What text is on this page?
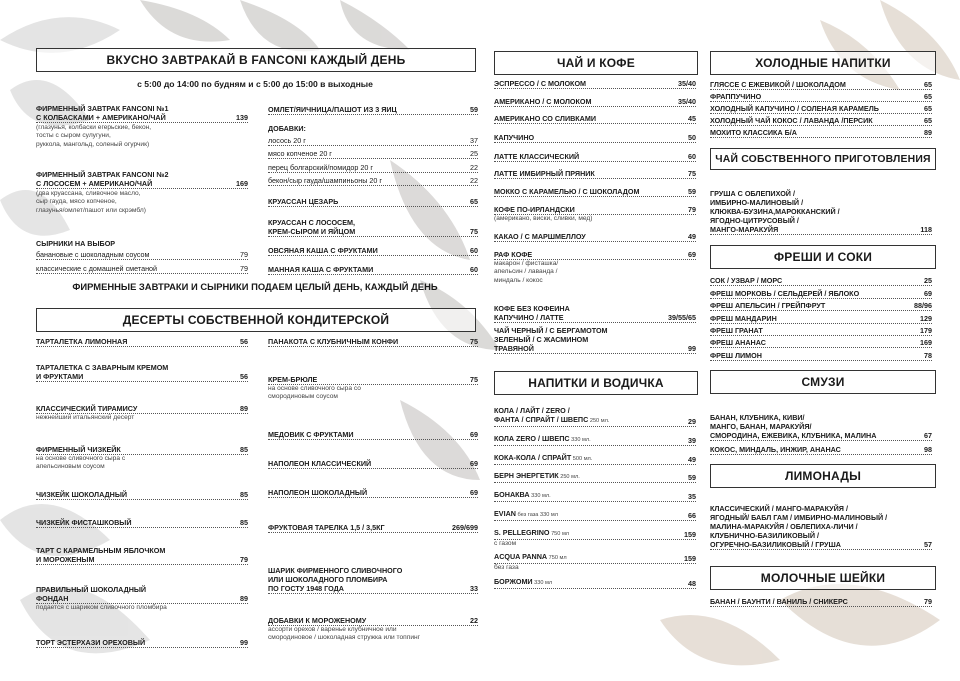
ВКУСНО ЗАВТРАКАЙ В FANCONI КАЖДЫЙ ДЕНЬ
с 5:00 до 14:00 по будням и с 5:00 до 15:00 в выходные
ФИРМЕННЫЙ ЗАВТРАК FANCONI №1
С КОЛБАСКАМИ + АМЕРИКАНО/ЧАЙ	139
(глазунья, колбаски егерьские, бекон,
тосты с сыром сулугуни,
руккола, мангольд, соленый огурчик)
ФИРМЕННЫЙ ЗАВТРАК FANCONI №2
С ЛОСОСЕМ + АМЕРИКАНО/ЧАЙ	169
(два круассана, сливочное масло,
сыр гауда, мясо копченое,
глазунья/омлет/пашот или скрэмбл)
СЫРНИКИ НА ВЫБОР
банановые с шоколадным соусом	79
классические с домашней сметаной	79
ОМЛЕТ/ЯИЧНИЦА/ПАШОТ ИЗ 3 ЯИЦ	59
ДОБАВКИ:
лосось 20 г	37
мясо копченое 20 г	25
перец болгарский/помидор 20 г	22
бекон/сыр гауда/шампиньоны 20 г	22
КРУАССАН ЦЕЗАРЬ	65
КРУАССАН С ЛОСОСЕМ,
КРЕМ-СЫРОМ И ЯЙЦОМ	75
ОВСЯНАЯ КАША С ФРУКТАМИ	60
МАННАЯ КАША С ФРУКТАМИ	60
ФИРМЕННЫЕ ЗАВТРАКИ И СЫРНИКИ ПОДАЕМ ЦЕЛЫЙ ДЕНЬ, КАЖДЫЙ ДЕНЬ
ДЕСЕРТЫ СОБСТВЕННОЙ КОНДИТЕРСКОЙ
ТАРТАЛЕТКА ЛИМОННАЯ	56
ТАРТАЛЕТКА С ЗАВАРНЫМ КРЕМОМ
И ФРУКТАМИ	56
КЛАССИЧЕСКИЙ ТИРАМИСУ	89
нежнейший итальянский десерт
ФИРМЕННЫЙ ЧИЗКЕЙК	85
на основе сливочного сыра с
апельсиновым соусом
ЧИЗКЕЙК ШОКОЛАДНЫЙ	85
ЧИЗКЕЙК ФИСТАШКОВЫЙ	85
ТАРТ С КАРАМЕЛЬНЫМ ЯБЛОЧКОМ
И МОРОЖЕНЫМ	79
ПРАВИЛЬНЫЙ ШОКОЛАДНЫЙ
ФОНДАН	89
подается с шариком сливочного пломбира
ТОРТ ЭСТЕРХАЗИ ОРЕХОВЫЙ	99
ПАНАКОТА С КЛУБНИЧНЫМ КОНФИ	75
КРЕМ-БРЮЛЕ	75
на основе сливочного сыра со
смородиновым соусом
МЕДОВИК С ФРУКТАМИ	69
НАПОЛЕОН КЛАССИЧЕСКИЙ	69
НАПОЛЕОН ШОКОЛАДНЫЙ	69
ФРУКТОВАЯ ТАРЕЛКА 1,5 / 3,5КГ	269/699
ШАРИК ФИРМЕННОГО СЛИВОЧНОГО
ИЛИ ШОКОЛАДНОГО ПЛОМБИРА
ПО ГОСТУ 1948 ГОДА	33
ДОБАВКИ К МОРОЖЕНОМУ	22
ассорти орехов / варенье клубничное или
смородиновое / шоколадная стружка или топпинг
ЧАЙ И КОФЕ
ЭСПРЕССО / С МОЛОКОМ	35/40
АМЕРИКАНО / С МОЛОКОМ	35/40
АМЕРИКАНО СО СЛИВКАМИ	45
КАПУЧИНО	50
ЛАТТЕ КЛАССИЧЕСКИЙ	60
ЛАТТЕ ИМБИРНЫЙ ПРЯНИК	75
МОККО С КАРАМЕЛЬЮ / С ШОКОЛАДОМ	59
КОФЕ ПО-ИРЛАНДСКИ	79
(американо, виски, сливки, мед)
КАКАО / С МАРШМЕЛЛОУ	49
РАФ КОФЕ	69
макарон / фисташка/
апельсин / лаванда /
миндаль / кокос
КОФЕ БЕЗ КОФЕИНА
КАПУЧИНО / ЛАТТЕ	39/55/65
ЧАЙ ЧЕРНЫЙ / С БЕРГАМОТОМ
ЗЕЛЕНЫЙ / С ЖАСМИНОМ
ТРАВЯНОЙ	99
НАПИТКИ И ВОДИЧКА
КОЛА / ЛАЙТ / ZERO /
ФАНТА / СПРАЙТ / ШВЕПС 250 мл.	29
КОЛА ZERO / ШВЕПС 330 мл.	39
КОКА-КОЛА / СПРАЙТ 500 мл.	49
БЕРН ЭНЕРГЕТИК 250 мл.	59
БОНАКВА 330 мл.	35
EVIAN без газа 330 мл	66
S. PELLEGRINO 750 мл	159
с газом
ACQUA PANNA 750 мл	159
без газа
БОРЖОМИ 330 мл	48
ХОЛОДНЫЕ НАПИТКИ
ГЛЯССЕ С ЕЖЕВИКОЙ / ШОКОЛАДОМ	65
ФРАППУЧИНО	65
ХОЛОДНЫЙ КАПУЧИНО / СОЛЕНАЯ КАРАМЕЛЬ	65
ХОЛОДНЫЙ ЧАЙ КОКОС / ЛАВАНДА /ПЕРСИК	65
МОХИТО КЛАССИКА Б/А	89
ЧАЙ СОБСТВЕННОГО ПРИГОТОВЛЕНИЯ
ГРУША С ОБЛЕПИХОЙ /
ИМБИРНО-МАЛИНОВЫЙ /
КЛЮКВА-БУЗИНА,МАРОККАНСКИЙ /
ЯГОДНО-ЦИТРУСОВЫЙ /
МАНГО-МАРАКУЙЯ	118
ФРЕШИ И СОКИ
СОК / УЗВАР / МОРС	25
ФРЕШ МОРКОВЬ / СЕЛЬДЕРЕЙ / ЯБЛОКО	69
ФРЕШ АПЕЛЬСИН / ГРЕЙПФРУТ	88/96
ФРЕШ МАНДАРИН	129
ФРЕШ ГРАНАТ	179
ФРЕШ АНАНАС	169
ФРЕШ ЛИМОН	78
СМУЗИ
БАНАН, КЛУБНИКА, КИВИ/
МАНГО, БАНАН, МАРАКУЙЯ/
СМОРОДИНА, ЕЖЕВИКА, КЛУБНИКА, МАЛИНА	67
КОКОС, МИНДАЛЬ, ИНЖИР, АНАНАС	98
ЛИМОНАДЫ
КЛАССИЧЕСКИЙ / МАНГО-МАРАКУЙЯ /
ЯГОДНЫЙ/ БАБЛ ГАМ / ИМБИРНО-МАЛИНОВЫЙ /
МАЛИНА-МАРАКУЙЯ / ОБЛЕПИХА-ЛИЧИ /
КЛУБНИЧНО-БАЗИЛИКОВЫЙ /
ОГУРЕЧНО-БАЗИЛИКОВЫЙ / ГРУША	57
МОЛОЧНЫЕ ШЕЙКИ
БАНАН / БАУНТИ / ВАНИЛЬ / СНИКЕРС	79
